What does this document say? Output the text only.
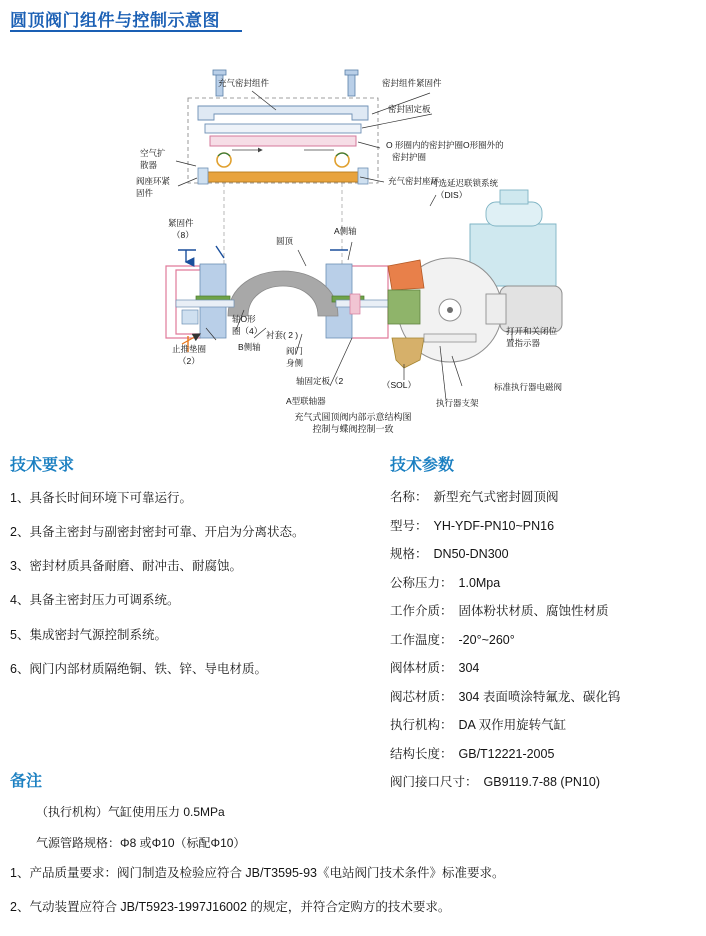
圆顶阀门组件与控制示意图
充气密封组件	密封组件紧固件
密封固定板
空气扩
散器
阀座环紧
固件
O 形圈内的密封护圈O形圈外的
密封护圈
充气密封座环
可选延迟联锁系统
（DIS）
圆顶
A侧轴
轴O形
圈（4）
B侧轴
止推垫圈
（2）
衬套( 2 )
阀门
身侧
轴固定板（2
A型联轴器
（SOL）
执行器支架
标准执行器电磁阀
打开和关闭位
置指示器
紧固件
（8）
充气式圆顶阀内部示意结构图
控制与蝶阀控制一致
技术要求
1、具备长时间环境下可靠运行。
2、具备主密封与副密封密封可靠、开启为分离状态。
3、密封材质具备耐磨、耐冲击、耐腐蚀。
4、具备主密封压力可调系统。
5、集成密封气源控制系统。
6、阀门内部材质隔绝铜、铁、锌、导电材质。
技术参数
名称： 新型充气式密封圆顶阀
型号： YH-YDF-PN10~PN16
规格： DN50-DN300
公称压力： 1.0Mpa
工作介质： 固体粉状材质、腐蚀性材质
工作温度： -20°~260°
阀体材质： 304
阀芯材质： 304 表面喷涂特氟龙、碳化钨
执行机构： DA 双作用旋转气缸
结构长度： GB/T12221-2005
阀门接口尺寸： GB9119.7-88 (PN10)
备注
（执行机构）气缸使用压力 0.5MPa
气源管路规格：Φ8 或Φ10（标配Φ10）
1、产品质量要求：阀门制造及检验应符合 JB/T3595-93《电站阀门技术条件》标准要求。
2、气动装置应符合 JB/T5923-1997J16002 的规定，并符合定购方的技术要求。
